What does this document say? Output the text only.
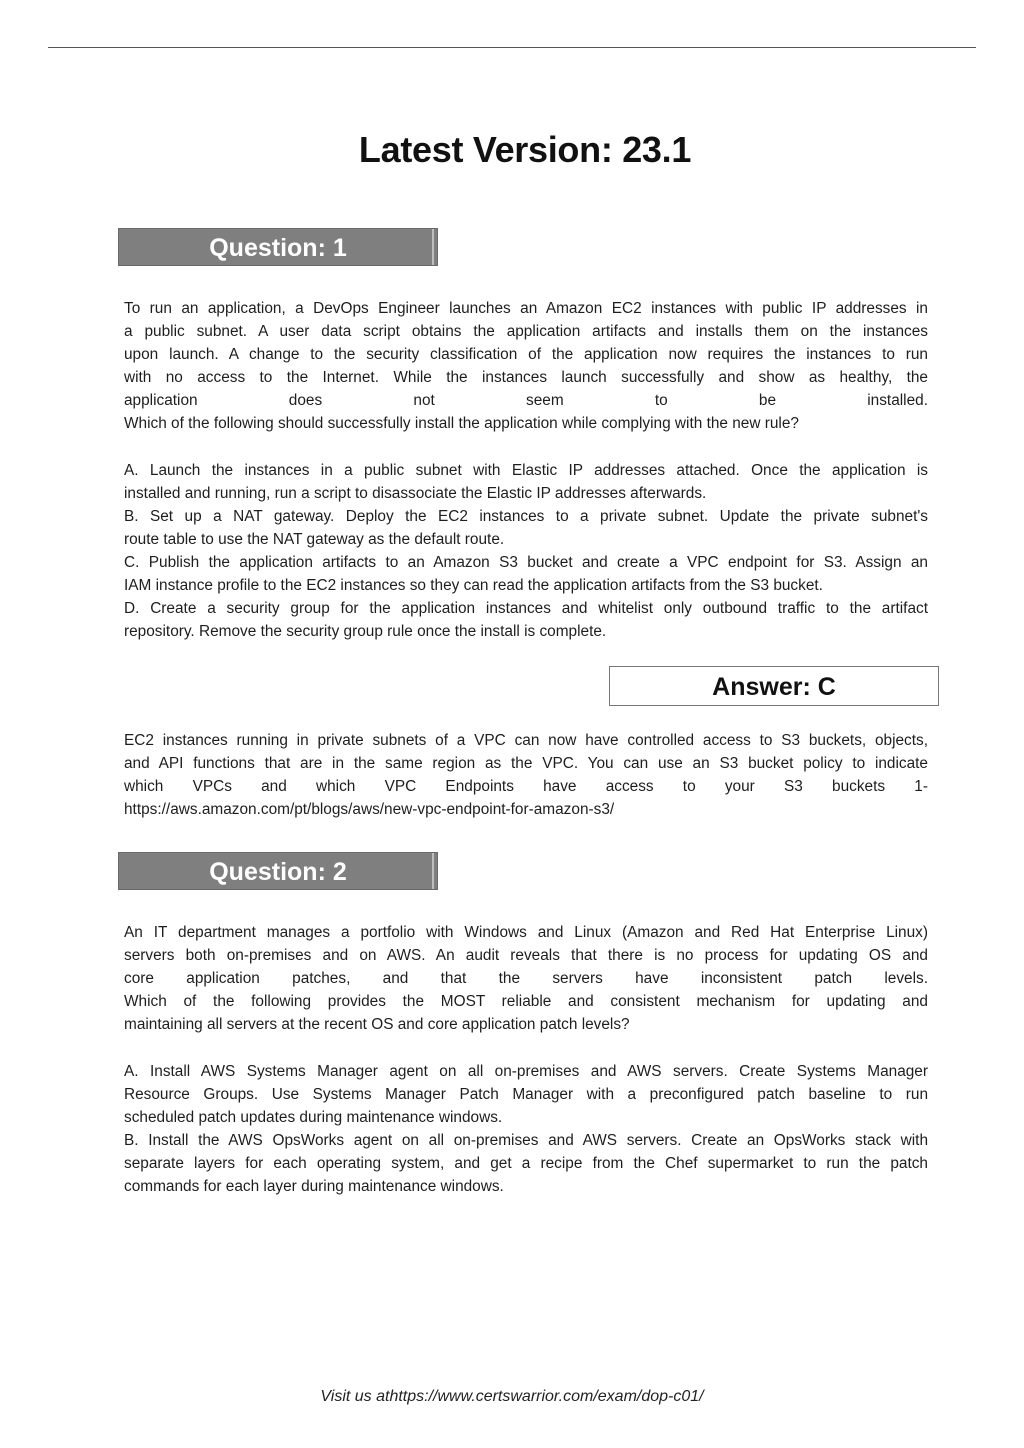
Latest Version: 23.1
Question: 1

To run an application, a DevOps Engineer launches an Amazon EC2 instances with public IP addresses in

a public subnet. A user data script obtains the application artifacts and installs them on the instances

upon launch. A change to the security classification of the application now requires the instances to run

with no access to the Internet. While the instances launch successfully and show as healthy, the

application does not seem to be installed.

Which of the following should successfully install the application while complying with the new rule?

A. Launch the instances in a public subnet with Elastic IP addresses attached. Once the application is

installed and running, run a script to disassociate the Elastic IP addresses afterwards.

B. Set up a NAT gateway. Deploy the EC2 instances to a private subnet. Update the private subnet's

route table to use the NAT gateway as the default route.

C. Publish the application artifacts to an Amazon S3 bucket and create a VPC endpoint for S3. Assign an

IAM instance profile to the EC2 instances so they can read the application artifacts from the S3 bucket.

D. Create a security group for the application instances and whitelist only outbound traffic to the artifact

repository. Remove the security group rule once the install is complete.

Answer: C

EC2 instances running in private subnets of a VPC can now have controlled access to S3 buckets, objects,

and API functions that are in the same region as the VPC. You can use an S3 bucket policy to indicate

which VPCs and which VPC Endpoints have access to your S3 buckets 1-

https://aws.amazon.com/pt/blogs/aws/new-vpc-endpoint-for-amazon-s3/

Question: 2

An IT department manages a portfolio with Windows and Linux (Amazon and Red Hat Enterprise Linux)

servers both on-premises and on AWS. An audit reveals that there is no process for updating OS and

core application patches, and that the servers have inconsistent patch levels.

Which of the following provides the MOST reliable and consistent mechanism for updating and

maintaining all servers at the recent OS and core application patch levels?

A. Install AWS Systems Manager agent on all on-premises and AWS servers. Create Systems Manager

Resource Groups. Use Systems Manager Patch Manager with a preconfigured patch baseline to run

scheduled patch updates during maintenance windows.

B. Install the AWS OpsWorks agent on all on-premises and AWS servers. Create an OpsWorks stack with

separate layers for each operating system, and get a recipe from the Chef supermarket to run the patch

commands for each layer during maintenance windows.

Visit us athttps://www.certswarrior.com/exam/dop-c01/
